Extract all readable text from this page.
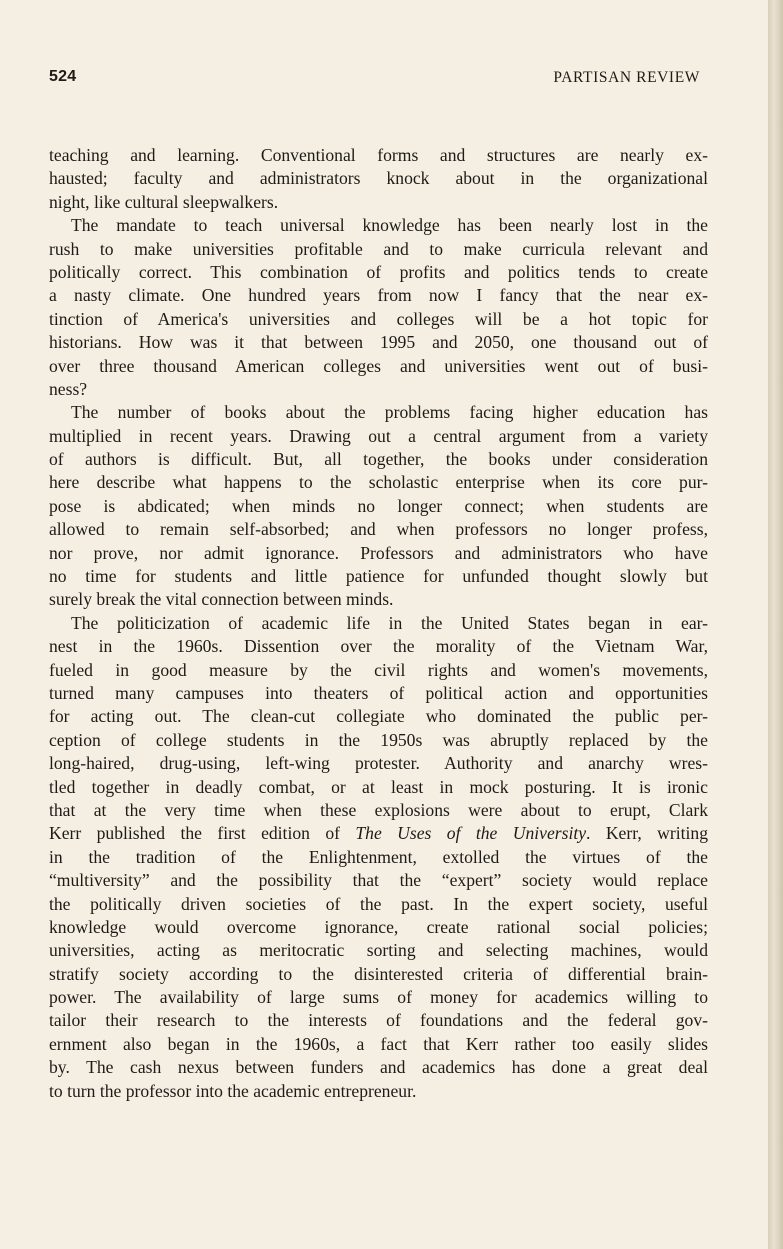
524	PARTISAN REVIEW
teaching and learning. Conventional forms and structures are nearly ex-
hausted; faculty and administrators knock about in the organizational
night, like cultural sleepwalkers.
The mandate to teach universal knowledge has been nearly lost in the
rush to make universities profitable and to make curricula relevant and
politically correct. This combination of profits and politics tends to create
a nasty climate. One hundred years from now I fancy that the near ex-
tinction of America's universities and colleges will be a hot topic for
historians. How was it that between 1995 and 2050, one thousand out of
over three thousand American colleges and universities went out of busi-
ness?
The number of books about the problems facing higher education has
multiplied in recent years. Drawing out a central argument from a variety
of authors is difficult. But, all together, the books under consideration
here describe what happens to the scholastic enterprise when its core pur-
pose is abdicated; when minds no longer connect; when students are
allowed to remain self-absorbed; and when professors no longer profess,
nor prove, nor admit ignorance. Professors and administrators who have
no time for students and little patience for unfunded thought slowly but
surely break the vital connection between minds.
The politicization of academic life in the United States began in ear-
nest in the 1960s. Dissention over the morality of the Vietnam War,
fueled in good measure by the civil rights and women's movements,
turned many campuses into theaters of political action and opportunities
for acting out. The clean-cut collegiate who dominated the public per-
ception of college students in the 1950s was abruptly replaced by the
long-haired, drug-using, left-wing protester. Authority and anarchy wres-
tled together in deadly combat, or at least in mock posturing. It is ironic
that at the very time when these explosions were about to erupt, Clark
Kerr published the first edition of The Uses of the University. Kerr, writing
in the tradition of the Enlightenment, extolled the virtues of the
“multiversity” and the possibility that the “expert” society would replace
the politically driven societies of the past. In the expert society, useful
knowledge would overcome ignorance, create rational social policies;
universities, acting as meritocratic sorting and selecting machines, would
stratify society according to the disinterested criteria of differential brain-
power. The availability of large sums of money for academics willing to
tailor their research to the interests of foundations and the federal gov-
ernment also began in the 1960s, a fact that Kerr rather too easily slides
by. The cash nexus between funders and academics has done a great deal
to turn the professor into the academic entrepreneur.
